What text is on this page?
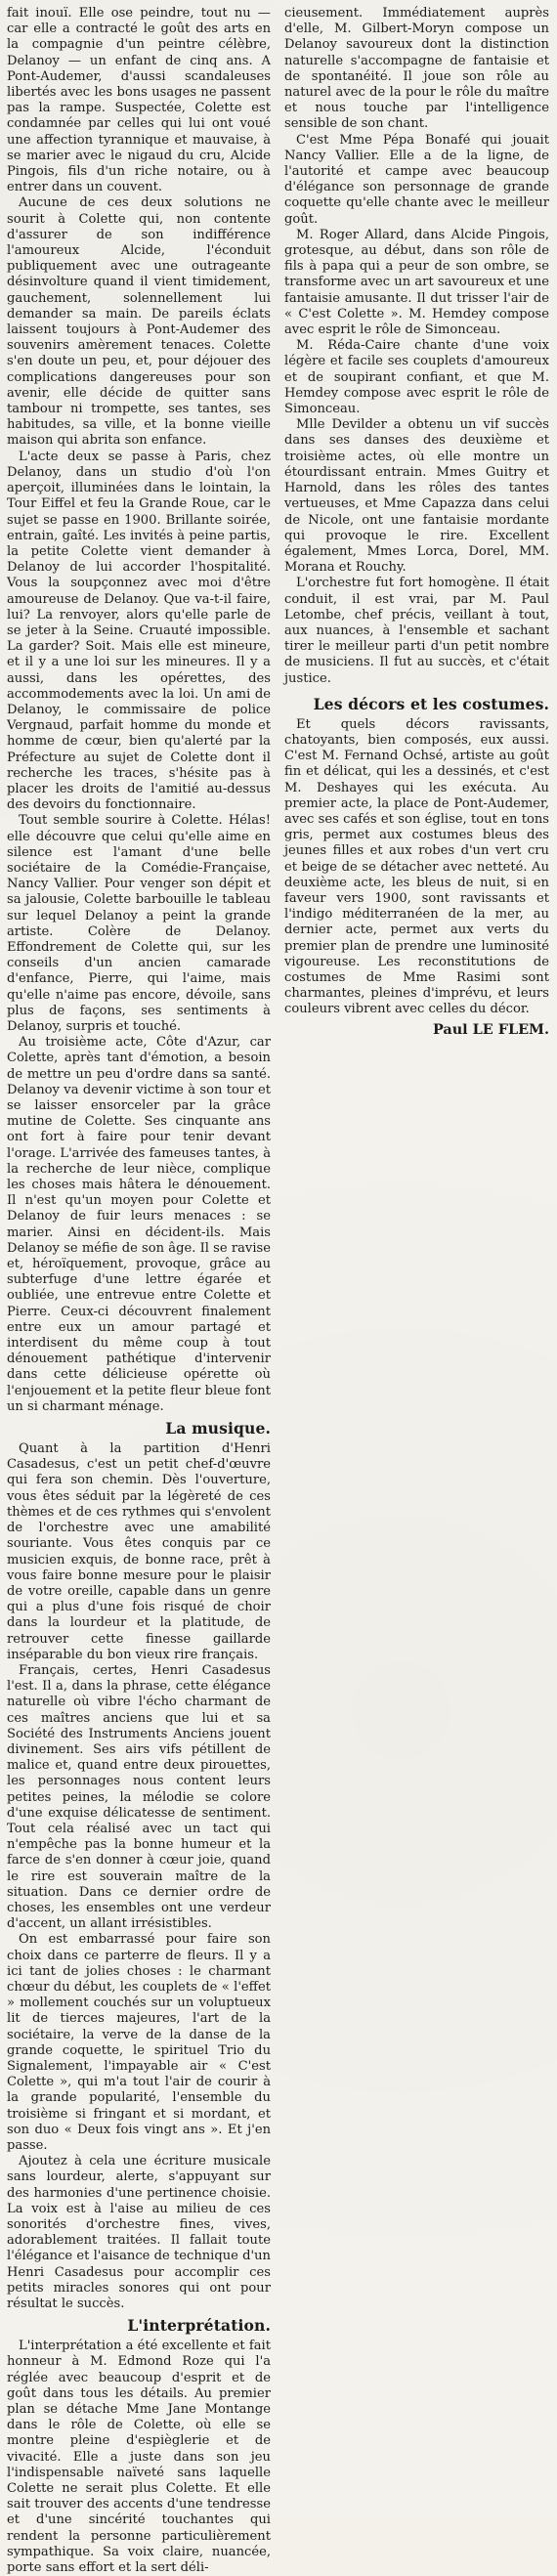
fait inouï. Elle ose peindre, tout nu — car elle a contracté le goût des arts en la compagnie d'un peintre célèbre, Delanoy — un enfant de cinq ans. A Pont-Audemer, d'aussi scandaleuses libertés avec les bons usages ne passent pas la rampe. Suspectée, Colette est condamnée par celles qui lui ont voué une affection tyrannique et mauvaise, à se marier avec le nigaud du cru, Alcide Pingois, fils d'un riche notaire, ou à entrer dans un couvent.

Aucune de ces deux solutions ne sourit à Colette qui, non contente d'assurer de son indifférence l'amoureux Alcide, l'éconduit publiquement avec une outrageante désinvolture quand il vient timidement, gauchement, solennellement lui demander sa main. De pareils éclats laissent toujours à Pont-Audemer des souvenirs amèrement tenaces. Colette s'en doute un peu, et, pour déjouer des complications dangereuses pour son avenir, elle décide de quitter sans tambour ni trompette, ses tantes, ses habitudes, sa ville, et la bonne vieille maison qui abrita son enfance.

L'acte deux se passe à Paris, chez Delanoy, dans un studio d'où l'on aperçoit, illuminées dans le lointain, la Tour Eiffel et feu la Grande Roue, car le sujet se passe en 1900. Brillante soirée, entrain, gaîté. Les invités à peine partis, la petite Colette vient demander à Delanoy de lui accorder l'hospitalité. Vous la soupçonnez avec moi d'être amoureuse de Delanoy. Que va-t-il faire, lui? La renvoyer, alors qu'elle parle de se jeter à la Seine. Cruauté impossible. La garder? Soit. Mais elle est mineure, et il y a une loi sur les mineures. Il y a aussi, dans les opérettes, des accommodements avec la loi. Un ami de Delanoy, le commissaire de police Vergnaud, parfait homme du monde et homme de cœur, bien qu'alerté par la Préfecture au sujet de Colette dont il recherche les traces, s'hésite pas à placer les droits de l'amitié au-dessus des devoirs du fonctionnaire.

Tout semble sourire à Colette. Hélas! elle découvre que celui qu'elle aime en silence est l'amant d'une belle sociétaire de la Comédie-Française, Nancy Vallier. Pour venger son dépit et sa jalousie, Colette barbouille le tableau sur lequel Delanoy a peint la grande artiste. Colère de Delanoy. Effondrement de Colette qui, sur les conseils d'un ancien camarade d'enfance, Pierre, qui l'aime, mais qu'elle n'aime pas encore, dévoile, sans plus de façons, ses sentiments à Delanoy, surpris et touché.

Au troisième acte, Côte d'Azur, car Colette, après tant d'émotion, a besoin de mettre un peu d'ordre dans sa santé. Delanoy va devenir victime à son tour et se laisser ensorceler par la grâce mutine de Colette. Ses cinquante ans ont fort à faire pour tenir devant l'orage. L'arrivée des fameuses tantes, à la recherche de leur nièce, complique les choses mais hâtera le dénouement. Il n'est qu'un moyen pour Colette et Delanoy de fuir leurs menaces : se marier. Ainsi en décident-ils. Mais Delanoy se méfie de son âge. Il se ravise et, héroïquement, provoque, grâce au subterfuge d'une lettre égarée et oubliée, une entrevue entre Colette et Pierre. Ceux-ci découvrent finalement entre eux un amour partagé et interdisent du même coup à tout dénouement pathétique d'intervenir dans cette délicieuse opérette où l'enjouement et la petite fleur bleue font un si charmant ménage.

La musique.

Quant à la partition d'Henri Casadesus, c'est un petit chef-d'œuvre qui fera son chemin. Dès l'ouverture, vous êtes séduit par la légèreté de ces thèmes et de ces rythmes qui s'envolent de l'orchestre avec une amabilité souriante. Vous êtes conquis par ce musicien exquis, de bonne race, prêt à vous faire bonne mesure pour le plaisir de votre oreille, capable dans un genre qui a plus d'une fois risqué de choir dans la lourdeur et la platitude, de retrouver cette finesse gaillarde inséparable du bon vieux rire français.

Français, certes, Henri Casadesus l'est. Il a, dans la phrase, cette élégance naturelle où vibre l'écho charmant de ces maîtres anciens que lui et sa Société des Instruments Anciens jouent divinement. Ses airs vifs pétillent de malice et, quand entre deux pirouettes, les personnages nous content leurs petites peines, la mélodie se colore d'une exquise délicatesse de sentiment. Tout cela réalisé avec un tact qui n'empêche pas la bonne humeur et la farce de s'en donner à cœur joie, quand le rire est souverain maître de la situation. Dans ce dernier ordre de choses, les ensembles ont une verdeur d'accent, un allant irrésistibles.

On est embarrassé pour faire son choix dans ce parterre de fleurs. Il y a ici tant de jolies choses : le charmant chœur du début, les couplets de « l'effet » mollement couchés sur un voluptueux lit de tierces majeures, l'art de la sociétaire, la verve de la danse de la grande coquette, le spirituel Trio du Signalement, l'impayable air « C'est Colette », qui m'a tout l'air de courir à la grande popularité, l'ensemble du troisième si fringant et si mordant, et son duo « Deux fois vingt ans ». Et j'en passe.

Ajoutez à cela une écriture musicale sans lourdeur, alerte, s'appuyant sur des harmonies d'une pertinence choisie. La voix est à l'aise au milieu de ces sonorités d'orchestre fines, vives, adorablement traitées. Il fallait toute l'élégance et l'aisance de technique d'un Henri Casadesus pour accomplir ces petits miracles sonores qui ont pour résultat le succès.

L'interprétation.

L'interprétation a été excellente et fait honneur à M. Edmond Roze qui l'a réglée avec beaucoup d'esprit et de goût dans tous les détails. Au premier plan se détache Mme Jane Montange dans le rôle de Colette, où elle se montre pleine d'espièglerie et de vivacité. Elle a juste dans son jeu l'indispensable naïveté sans laquelle Colette ne serait plus Colette. Et elle sait trouver des accents d'une tendresse et d'une sincérité touchantes qui rendent la personne particulièrement sympathique. Sa voix claire, nuancée, porte sans effort et la sert déli-

cieusement. Immédiatement auprès d'elle, M. Gilbert-Moryn compose un Delanoy savoureux dont la distinction naturelle s'accompagne de fantaisie et de spontanéité. Il joue son rôle au naturel avec de la pour le rôle du maître et nous touche par l'intelligence sensible de son chant.

C'est Mme Pépa Bonafé qui jouait Nancy Vallier. Elle a de la ligne, de l'autorité et campe avec beaucoup d'élégance son personnage de grande coquette qu'elle chante avec le meilleur goût.

M. Roger Allard, dans Alcide Pingois, grotesque, au début, dans son rôle de fils à papa qui a peur de son ombre, se transforme avec un art savoureux et une fantaisie amusante. Il dut trisser l'air de « C'est Colette ». M. Hemdey compose avec esprit le rôle de Simonceau.

M. Réda-Caire chante d'une voix légère et facile ses couplets d'amoureux et de soupirant confiant, et que M. Hemdey compose avec esprit le rôle de Simonceau.

Mlle Devilder a obtenu un vif succès dans ses danses des deuxième et troisième actes, où elle montre un étourdissant entrain. Mmes Guitry et Harnold, dans les rôles des tantes vertueuses, et Mme Capazza dans celui de Nicole, ont une fantaisie mordante qui provoque le rire. Excellent également, Mmes Lorca, Dorel, MM. Morana et Rouchy.

L'orchestre fut fort homogène. Il était conduit, il est vrai, par M. Paul Letombe, chef précis, veillant à tout, aux nuances, à l'ensemble et sachant tirer le meilleur parti d'un petit nombre de musiciens. Il fut au succès, et c'était justice.

Les décors et les costumes.

Et quels décors ravissants, chatoyants, bien composés, eux aussi. C'est M. Fernand Ochsé, artiste au goût fin et délicat, qui les a dessinés, et c'est M. Deshayes qui les exécuta. Au premier acte, la place de Pont-Audemer, avec ses cafés et son église, tout en tons gris, permet aux costumes bleus des jeunes filles et aux robes d'un vert cru et beige de se détacher avec netteté. Au deuxième acte, les bleus de nuit, si en faveur vers 1900, sont ravissants et l'indigo méditerranéen de la mer, au dernier acte, permet aux verts du premier plan de prendre une luminosité vigoureuse. Les reconstitutions de costumes de Mme Rasimi sont charmantes, pleines d'imprévu, et leurs couleurs vibrent avec celles du décor.

Paul LE FLEM.
